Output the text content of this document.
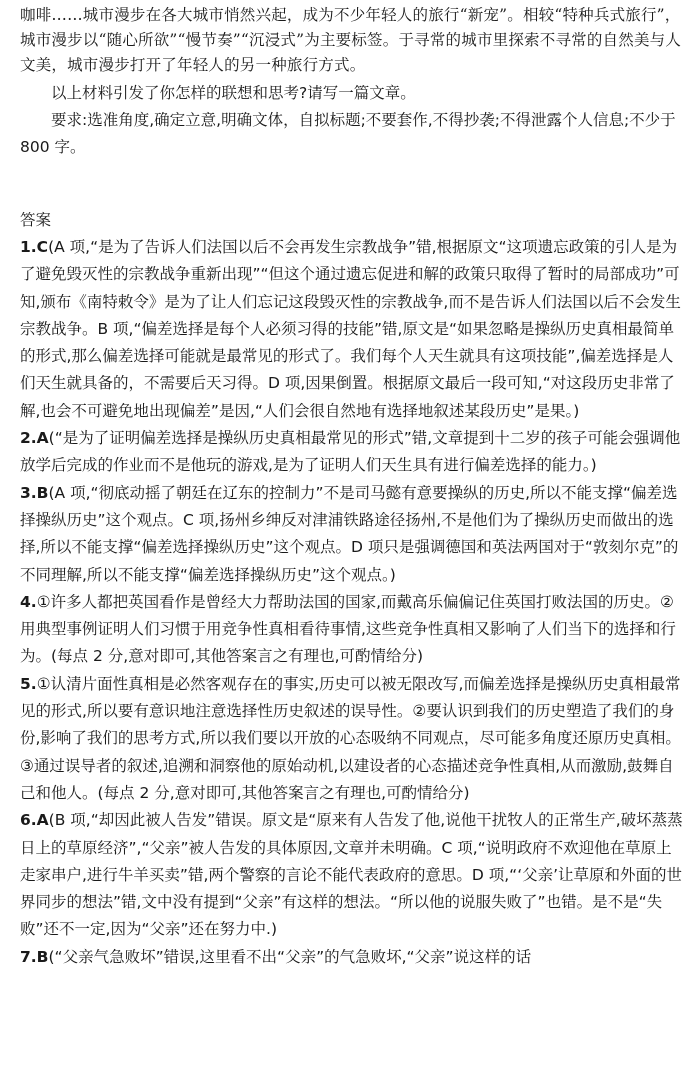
咖啡……城市漫步在各大城市悄然兴起，成为不少年轻人的旅行“新宠”。相较“特种兵式旅行”，城市漫步以“随心所欲”“慢节奏”“沉浸式”为主要标签。于寻常的城市里探索不寻常的自然美与人文美，城市漫步打开了年轻人的另一种旅行方式。

以上材料引发了你怎样的联想和思考?请写一篇文章。

要求:选准角度,确定立意,明确文体，自拟标题;不要套作,不得抄袭;不得泄露个人信息;不少于 800 字。

答案

1.C(A 项,“是为了告诉人们法国以后不会再发生宗教战争”错,根据原文“这项遗忘政策的引人是为了避免毁灭性的宗教战争重新出现”“但这个通过遗忘促进和解的政策只取得了暂时的局部成功”可知,颁布《南特敕令》是为了让人们忘记这段毁灭性的宗教战争,而不是告诉人们法国以后不会发生宗教战争。B 项,“偏差选择是每个人必须习得的技能”错,原文是“如果忽略是操纵历史真相最简单的形式,那么偏差选择可能就是最常见的形式了。我们每个人天生就具有这项技能”,偏差选择是人们天生就具备的，不需要后天习得。D 项,因果倒置。根据原文最后一段可知,“对这段历史非常了解,也会不可避免地出现偏差”是因,“人们会很自然地有选择地叙述某段历史”是果。)

2.A(“是为了证明偏差选择是操纵历史真相最常见的形式”错,文章提到十二岁的孩子可能会强调他放学后完成的作业而不是他玩的游戏,是为了证明人们天生具有进行偏差选择的能力。)

3.B(A 项,“彻底动摇了朝廷在辽东的控制力”不是司马懿有意要操纵的历史,所以不能支撑“偏差选择操纵历史”这个观点。C 项,扬州乡绅反对津浦铁路途径扬州,不是他们为了操纵历史而做出的选择,所以不能支撑“偏差选择操纵历史”这个观点。D 项只是强调德国和英法两国对于“敦刻尔克”的不同理解,所以不能支撑“偏差选择操纵历史”这个观点。)

4.①许多人都把英国看作是曾经大力帮助法国的国家,而戴高乐偏偏记住英国打败法国的历史。②用典型事例证明人们习惯于用竞争性真相看待事情,这些竞争性真相又影响了人们当下的选择和行为。(每点 2 分,意对即可,其他答案言之有理也,可酌情给分)

5.①认清片面性真相是必然客观存在的事实,历史可以被无限改写,而偏差选择是操纵历史真相最常见的形式,所以要有意识地注意选择性历史叙述的误导性。②要认识到我们的历史塑造了我们的身份,影响了我们的思考方式,所以我们要以开放的心态吸纳不同观点，尽可能多角度还原历史真相。③通过误导者的叙述,追溯和洞察他的原始动机,以建设者的心态描述竞争性真相,从而激励,鼓舞自己和他人。(每点 2 分,意对即可,其他答案言之有理也,可酌情给分)

6.A(B 项,“却因此被人告发”错误。原文是“原来有人告发了他,说他干扰牧人的正常生产,破坏蒸蒸日上的草原经济”,“父亲”被人告发的具体原因,文章并未明确。C 项,“说明政府不欢迎他在草原上走家串户,进行牛羊买卖”错,两个警察的言论不能代表政府的意思。D 项,“‘父亲’让草原和外面的世界同步的想法”错,文中没有提到“父亲”有这样的想法。“所以他的说服失败了”也错。是不是“失败”还不一定,因为“父亲”还在努力中.)

7.B(“父亲气急败坏”错误,这里看不出“父亲”的气急败坏,“父亲”说这样的话
